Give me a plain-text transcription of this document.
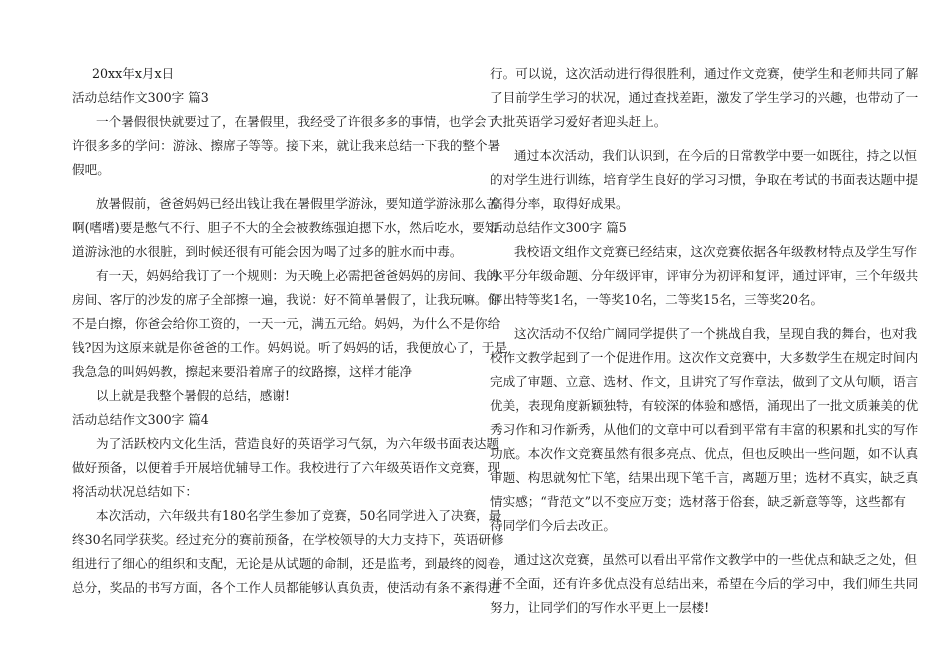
20xx年x月x日
活动总结作文300字 篇3
一个暑假很快就要过了，在暑假里，我经受了许很多多的事情，也学会了
许很多多的学问：游泳、擦席子等等。接下来，就让我来总结一下我的整个暑
假吧。
放暑假前，爸爸妈妈已经出钱让我在暑假里学游泳，要知道学游泳那么苦
啊(嗜嗜)要是憋气不行、胆子不大的全会被教练强迫摁下水，然后吃水，要知
道游泳池的水很脏，到时候还很有可能会因为喝了过多的脏水而中毒。
有一天，妈妈给我订了一个规则：为天晚上必需把爸爸妈妈的房间、我的
房间、客厅的沙发的席子全部擦一遍，我说：好不简单暑假了，让我玩嘛。你
不是白擦，你爸会给你工资的，一天一元，满五元给。妈妈，为什么不是你给
钱?因为这原来就是你爸爸的工作。妈妈说。听了妈妈的话，我便放心了，于是
我急急的叫妈妈教，擦起来要沿着席子的纹路擦，这样才能净
以上就是我整个暑假的总结，感谢!
活动总结作文300字 篇4
为了活跃校内文化生活，营造良好的英语学习气氛，为六年级书面表达题
做好预备，以便着手开展培优辅导工作。我校进行了六年级英语作文竞赛，现
将活动状况总结如下：
本次活动，六年级共有180名学生参加了竞赛，50名同学进入了决赛，最
终30名同学获奖。经过充分的赛前预备，在学校领导的大力支持下，英语研修
组进行了细心的组织和支配，无论是从试题的命制，还是监考，到最终的阅卷，
总分，奖品的书写方面，各个工作人员都能够认真负责，使活动有条不紊得进
行。可以说，这次活动进行得很胜利，通过作文竞赛，使学生和老师共同了解
了目前学生学习的状况，通过查找差距，激发了学生学习的兴趣，也带动了一
大批英语学习爱好者迎头赶上。
通过本次活动，我们认识到，在今后的日常教学中要一如既往，持之以恒
的对学生进行训练，培育学生良好的学习习惯，争取在考试的书面表达题中提
高得分率，取得好成果。
活动总结作文300字 篇5
我校语文组作文竞赛已经结束，这次竞赛依据各年级教材特点及学生写作
水平分年级命题、分年级评审，评审分为初评和复评，通过评审，三个年级共
评出特等奖1名，一等奖10名，二等奖15名，三等奖20名。
这次活动不仅给广阔同学提供了一个挑战自我，呈现自我的舞台，也对我
校作文教学起到了一个促进作用。这次作文竞赛中，大多数学生在规定时间内
完成了审题、立意、选材、作文，且讲究了写作章法，做到了文从句顺，语言
优美，表现角度新颖独特，有较深的体验和感悟，涌现出了一批文质兼美的优
秀习作和习作新秀，从他们的文章中可以看到平常有丰富的积累和扎实的写作
功底。本次作文竞赛虽然有很多亮点、优点，但也反映出一些问题，如不认真
审题、构思就匆忙下笔，结果出现下笔千言，离题万里；选材不真实，缺乏真
情实感；“背范文”以不变应万变；选材落于俗套，缺乏新意等等，这些都有
待同学们今后去改正。
通过这次竞赛，虽然可以看出平常作文教学中的一些优点和缺乏之处，但
并不全面，还有许多优点没有总结出来，希望在今后的学习中，我们师生共同
努力，让同学们的写作水平更上一层楼!
